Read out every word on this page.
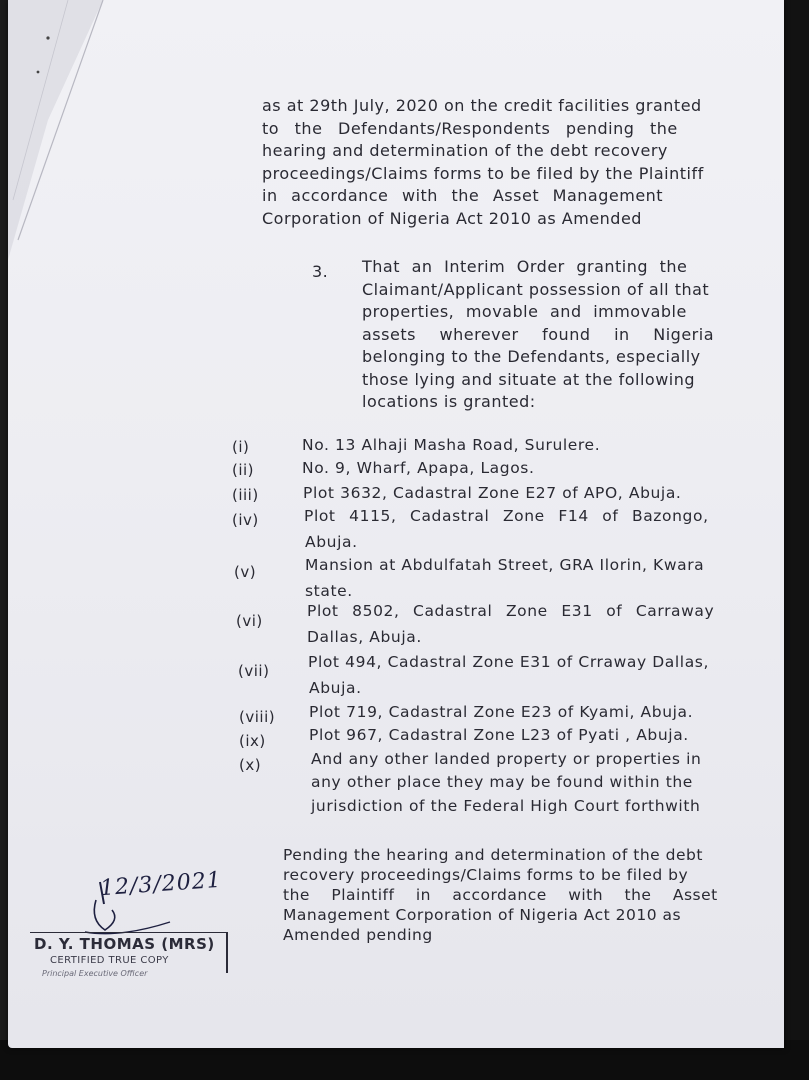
as at 29th July, 2020 on the credit facilities granted
to the Defendants/Respondents pending the
hearing and determination of the debt recovery
proceedings/Claims forms to be filed by the Plaintiff
in accordance with the Asset Management
Corporation of Nigeria Act 2010 as Amended
3. That an Interim Order granting the
Claimant/Applicant possession of all that
properties, movable and immovable
assets wherever found in Nigeria
belonging to the Defendants, especially
those lying and situate at the following
locations is granted:
(i)	No. 13 Alhaji Masha Road, Surulere.
(ii)	No. 9, Wharf, Apapa, Lagos.
(iii)	Plot 3632, Cadastral Zone E27 of APO, Abuja.
(iv)	Plot 4115, Cadastral Zone F14 of Bazongo,
Abuja.
(v)	Mansion at Abdulfatah Street, GRA Ilorin, Kwara
state.
(vi)
Plot 8502, Cadastral Zone E31 of Carraway
Dallas, Abuja.
(vii) Plot 494, Cadastral Zone E31 of Crraway Dallas,
Abuja.
(viii) Plot 719, Cadastral Zone E23 of Kyami, Abuja.
(ix)	Plot 967, Cadastral Zone L23 of Pyati , Abuja.
(x)	And any other landed property or properties in
any other place they may be found within the
jurisdiction of the Federal High Court forthwith
Pending the hearing and determination of the debt
recovery proceedings/Claims forms to be filed by
the Plaintiff in accordance with the Asset
Management Corporation of Nigeria Act 2010 as
Amended pending
12/3/2021
D. Y. THOMAS (MRS)
CERTIFIED TRUE COPY
Principal Executive Officer
